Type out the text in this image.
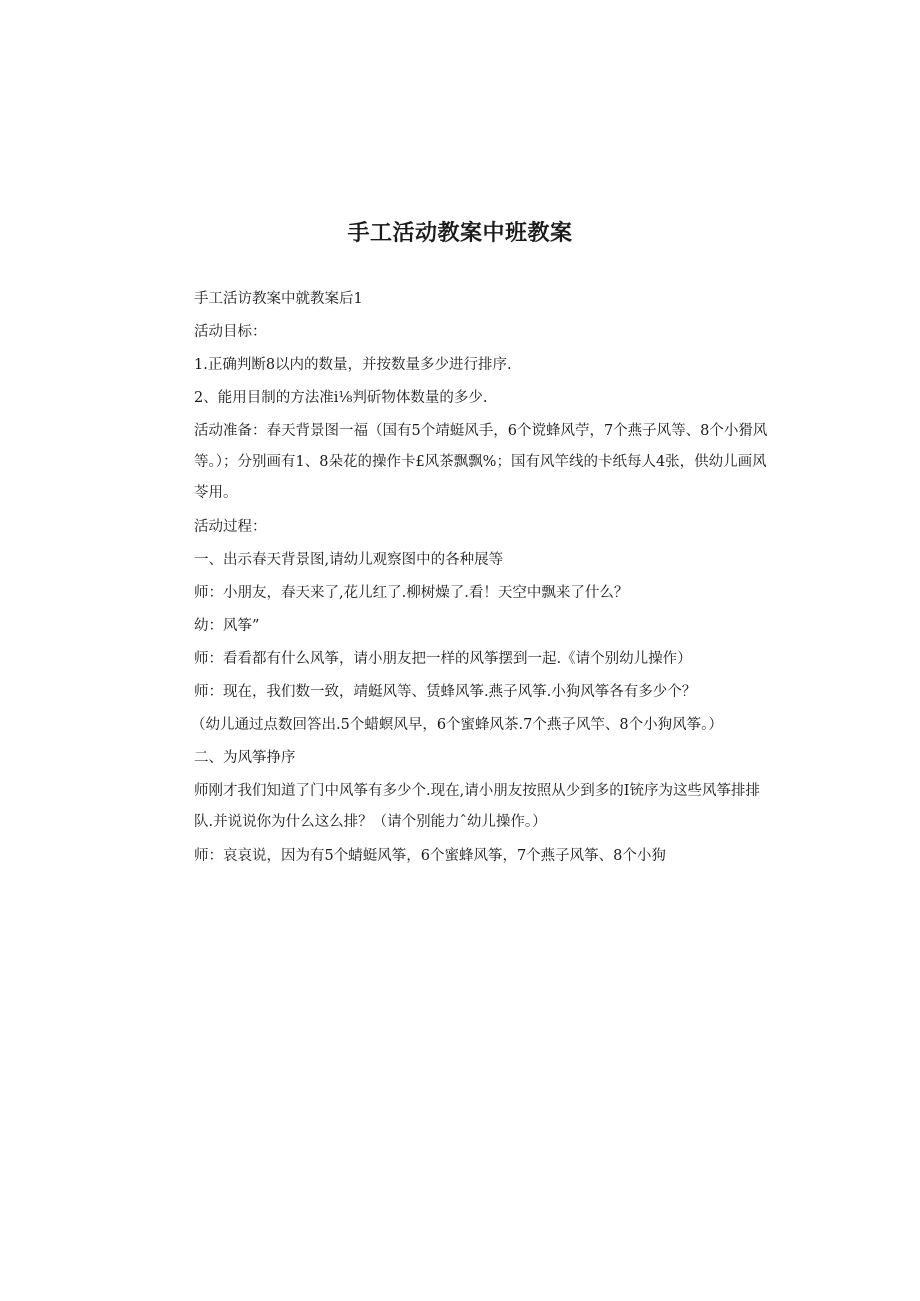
手工活动教案中班教案

手工活访教案中就教案后1

活动目标：

1.正确判断8以内的数量，并按数量多少进行排序.

2、能用目制的方法准i⅛判斫物体数量的多少.

活动准备：春天背景图一福（国有5个靖蜓风手，6个谠蜂风苧，7个燕子风等、8个小猾风等。）；分别画有1、8朵花的操作卡£风茶飘飘%；国有风竿线的卡纸每人4张，供幼儿画风苓用。

活动过程：

一、出示春天背景图,请幼儿观察图中的各种展等

师：小朋友，春天来了,花儿红了.柳树燥了.看！天空中飘来了什么？

幼：风筝”

师：看看都有什么风筝，请小朋友把一样的风筝摆到一起.《请个别幼儿操作）

师：现在，我们数一致，靖蜓风等、赁蜂风筝.燕子风筝.小狗风筝各有多少个？

（幼儿通过点数回答出.5个蜡螟风早，6个蜜蜂风茶.7个燕子风竿、8个小狗风筝。）

二、为风筝挣序

师刚才我们知道了门中风筝有多少个.现在,请小朋友按照从少到多的I铳序为这些风筝排排队.并说说你为什么这么排？（请个别能力ˆ幼儿操作。）

师：哀哀说，因为有5个蜻蜓风筝，6个蜜蜂风筝，7个燕子风筝、8个小狗
